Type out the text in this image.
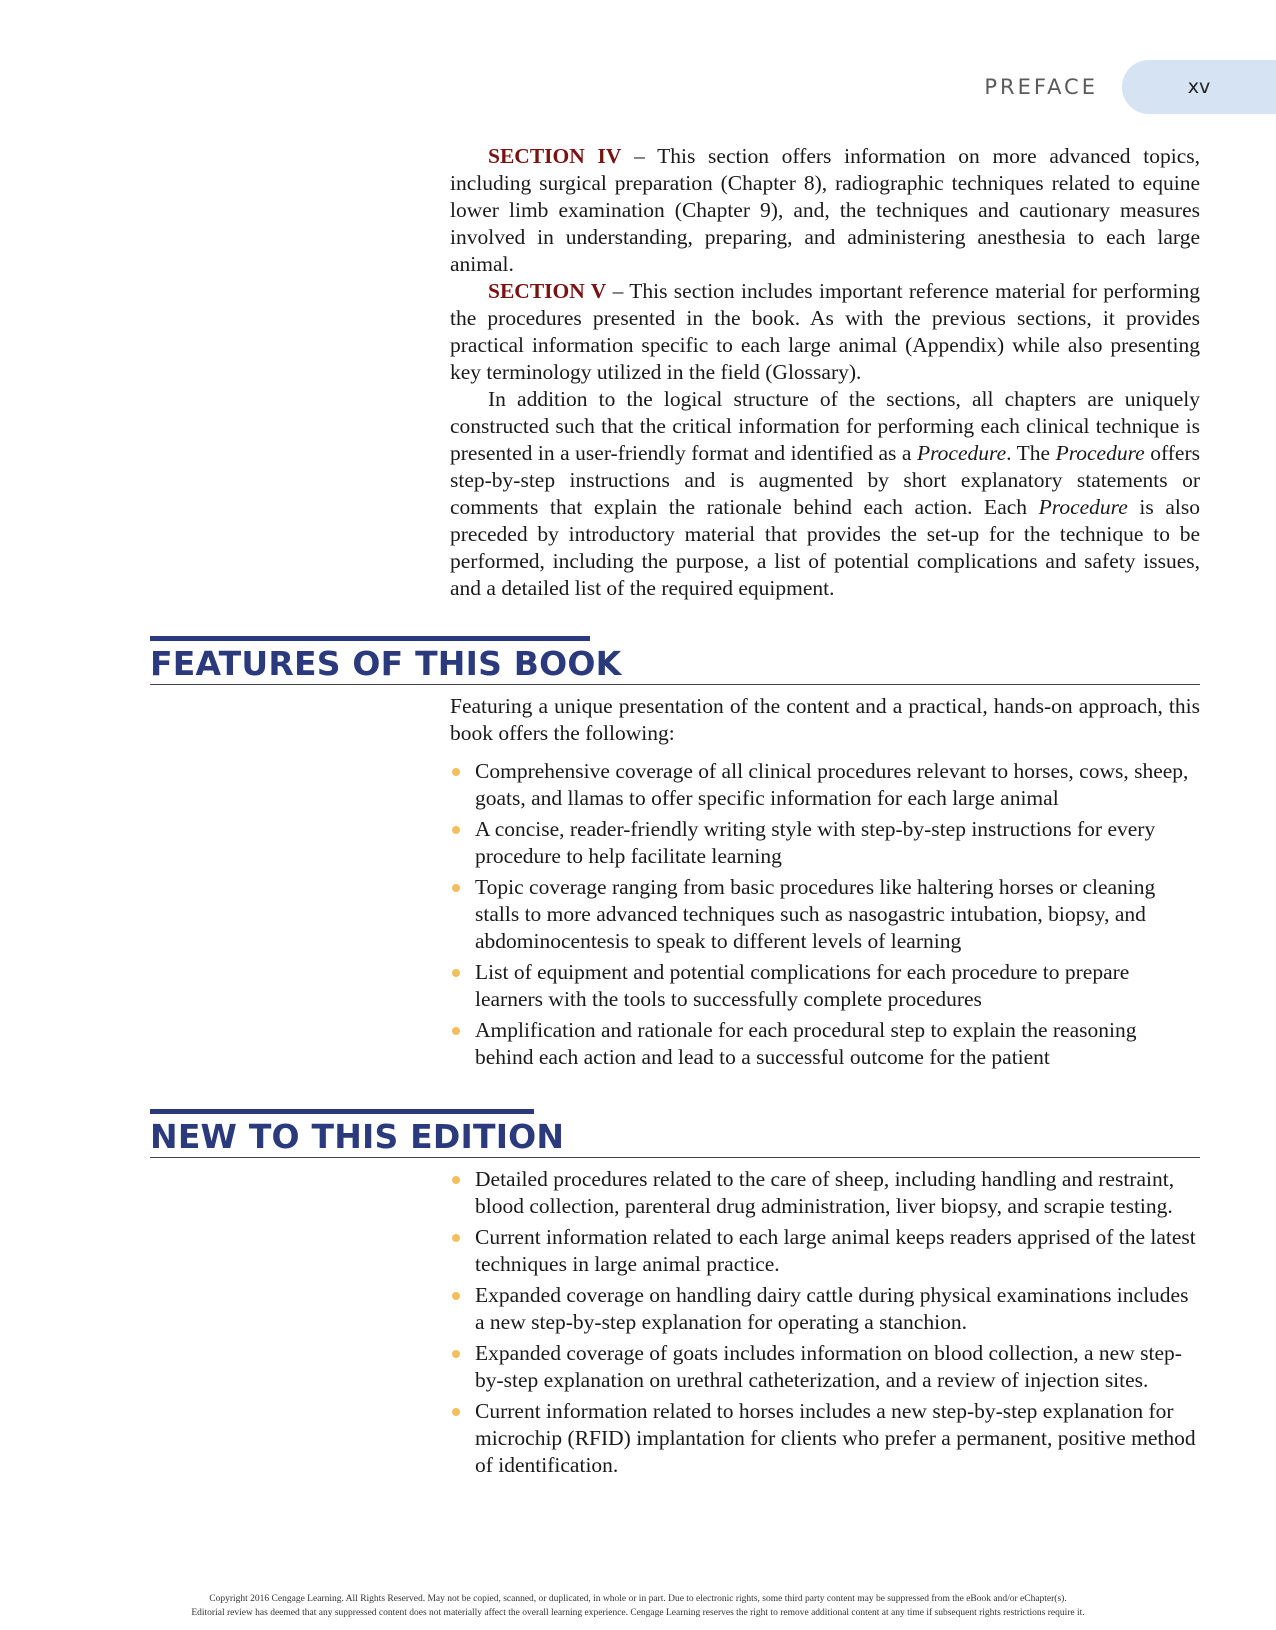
PREFACE	xv

SECTION IV – This section offers information on more advanced topics, including surgical preparation (Chapter 8), radiographic techniques related to equine lower limb examination (Chapter 9), and, the techniques and cautionary measures involved in understanding, preparing, and administering anesthesia to each large animal.

SECTION V – This section includes important reference material for performing the procedures presented in the book. As with the previous sections, it provides practical information specific to each large animal (Appendix) while also presenting key terminology utilized in the field (Glossary).

In addition to the logical structure of the sections, all chapters are uniquely constructed such that the critical information for performing each clinical technique is presented in a user-friendly format and identified as a Procedure. The Procedure offers step-by-step instructions and is augmented by short explanatory statements or comments that explain the rationale behind each action. Each Procedure is also preceded by introductory material that provides the set-up for the technique to be performed, including the purpose, a list of potential complications and safety issues, and a detailed list of the required equipment.

FEATURES OF THIS BOOK

Featuring a unique presentation of the content and a practical, hands-on approach, this book offers the following:

Comprehensive coverage of all clinical procedures relevant to horses, cows, sheep, goats, and llamas to offer specific information for each large animal
A concise, reader-friendly writing style with step-by-step instructions for every procedure to help facilitate learning
Topic coverage ranging from basic procedures like haltering horses or cleaning stalls to more advanced techniques such as nasogastric intubation, biopsy, and abdominocentesis to speak to different levels of learning
List of equipment and potential complications for each procedure to prepare learners with the tools to successfully complete procedures
Amplification and rationale for each procedural step to explain the reasoning behind each action and lead to a successful outcome for the patient
NEW TO THIS EDITION
Detailed procedures related to the care of sheep, including handling and restraint, blood collection, parenteral drug administration, liver biopsy, and scrapie testing.
Current information related to each large animal keeps readers apprised of the latest techniques in large animal practice.
Expanded coverage on handling dairy cattle during physical examinations includes a new step-by-step explanation for operating a stanchion.
Expanded coverage of goats includes information on blood collection, a new step-by-step explanation on urethral catheterization, and a review of injection sites.
Current information related to horses includes a new step-by-step explanation for microchip (RFID) implantation for clients who prefer a permanent, positive method of identification.
Copyright 2016 Cengage Learning. All Rights Reserved. May not be copied, scanned, or duplicated, in whole or in part. Due to electronic rights, some third party content may be suppressed from the eBook and/or eChapter(s).
Editorial review has deemed that any suppressed content does not materially affect the overall learning experience. Cengage Learning reserves the right to remove additional content at any time if subsequent rights restrictions require it.
